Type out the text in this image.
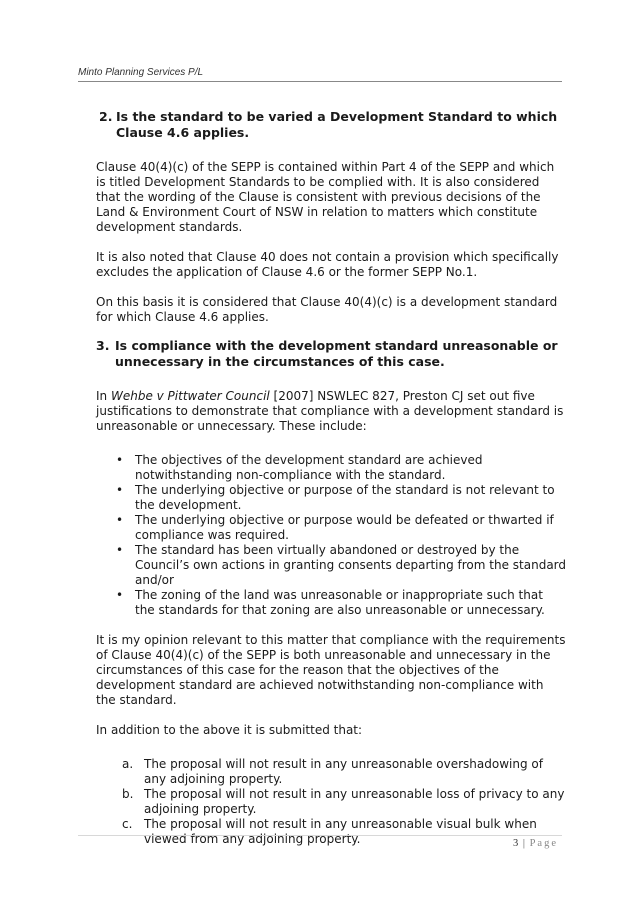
Minto Planning Services P/L
2. Is the standard to be varied a Development Standard to which Clause 4.6 applies.

Clause 40(4)(c) of the SEPP is contained within Part 4 of the SEPP and which is titled Development Standards to be complied with. It is also considered that the wording of the Clause is consistent with previous decisions of the Land & Environment Court of NSW in relation to matters which constitute development standards.

It is also noted that Clause 40 does not contain a provision which specifically excludes the application of Clause 4.6 or the former SEPP No.1.

On this basis it is considered that Clause 40(4)(c) is a development standard for which Clause 4.6 applies.

3. Is compliance with the development standard unreasonable or unnecessary in the circumstances of this case.

In Wehbe v Pittwater Council [2007] NSWLEC 827, Preston CJ set out five justifications to demonstrate that compliance with a development standard is unreasonable or unnecessary. These include:

• The objectives of the development standard are achieved notwithstanding non-compliance with the standard.
• The underlying objective or purpose of the standard is not relevant to the development.
• The underlying objective or purpose would be defeated or thwarted if compliance was required.
• The standard has been virtually abandoned or destroyed by the Council’s own actions in granting consents departing from the standard and/or
• The zoning of the land was unreasonable or inappropriate such that the standards for that zoning are also unreasonable or unnecessary.

It is my opinion relevant to this matter that compliance with the requirements of Clause 40(4)(c) of the SEPP is both unreasonable and unnecessary in the circumstances of this case for the reason that the objectives of the development standard are achieved notwithstanding non-compliance with the standard.

In addition to the above it is submitted that:

a. The proposal will not result in any unreasonable overshadowing of any adjoining property.
b. The proposal will not result in any unreasonable loss of privacy to any adjoining property.
c. The proposal will not result in any unreasonable visual bulk when viewed from any adjoining property.	3 | Page
